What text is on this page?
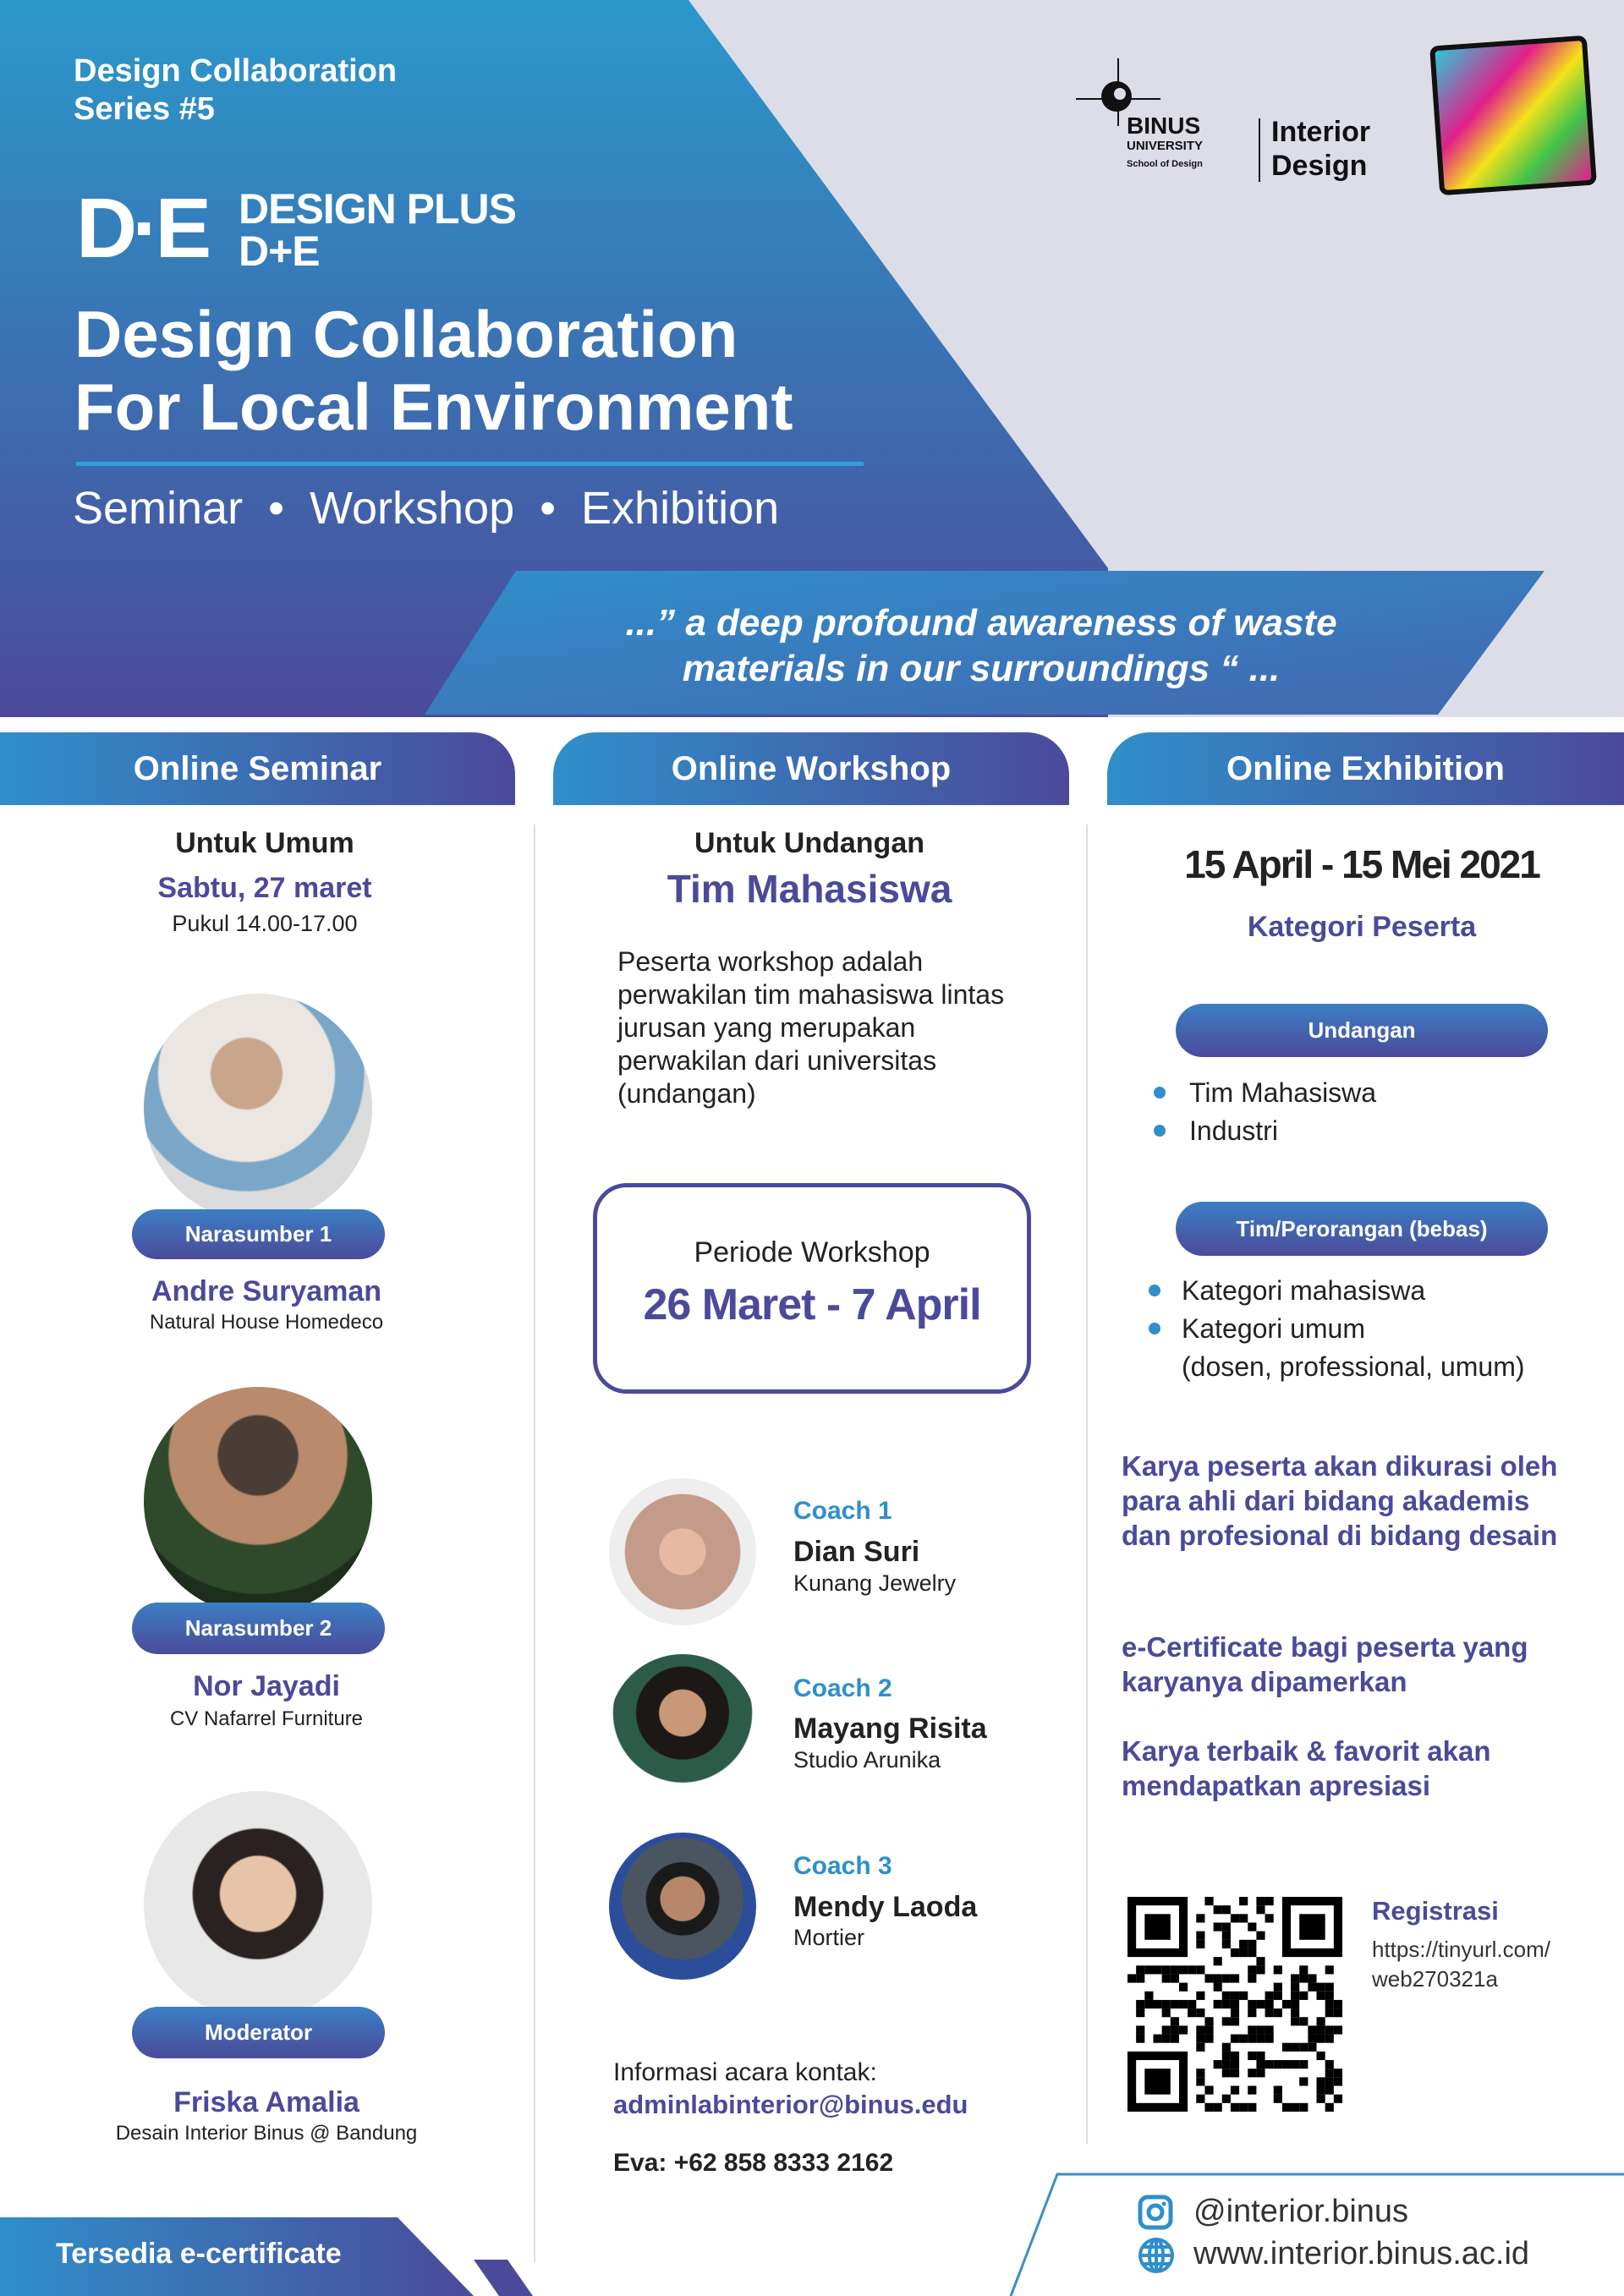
Design Collaboration
Series #5
D·E DESIGN PLUS
D+E
Design Collaboration
For Local Environment
Seminar  •  Workshop  •  Exhibition
BINUS
UNIVERSITY
School of Design
Interior
Design
...” a deep profound awareness of waste
materials in our surroundings “ ...
Online Seminar	Online Workshop	Online Exhibition
Untuk Umum
Sabtu, 27 maret
Pukul 14.00-17.00
Narasumber 1
Andre Suryaman
Natural House Homedeco
Narasumber 2
Nor Jayadi
CV Nafarrel Furniture
Moderator
Friska Amalia
Desain Interior Binus @ Bandung
Tersedia e-certificate
Untuk Undangan
Tim Mahasiswa
Peserta workshop adalah perwakilan tim mahasiswa lintas jurusan yang merupakan perwakilan dari universitas (undangan)
Periode Workshop
26 Maret - 7 April
Coach 1
Dian Suri
Kunang Jewelry
Coach 2
Mayang Risita
Studio Arunika
Coach 3
Mendy Laoda
Mortier
Informasi acara kontak:
adminlabinterior@binus.edu
Eva: +62 858 8333 2162
15 April - 15 Mei 2021
Kategori Peserta
Undangan
Tim Mahasiswa
Industri
Tim/Perorangan (bebas)
Kategori mahasiswa
Kategori umum
(dosen, professional, umum)
Karya peserta akan dikurasi oleh para ahli dari bidang akademis dan profesional di bidang desain
e-Certificate bagi peserta yang karyanya dipamerkan
Karya terbaik & favorit akan mendapatkan apresiasi
Registrasi
https://tinyurl.com/
web270321a
@interior.binus
www.interior.binus.ac.id
